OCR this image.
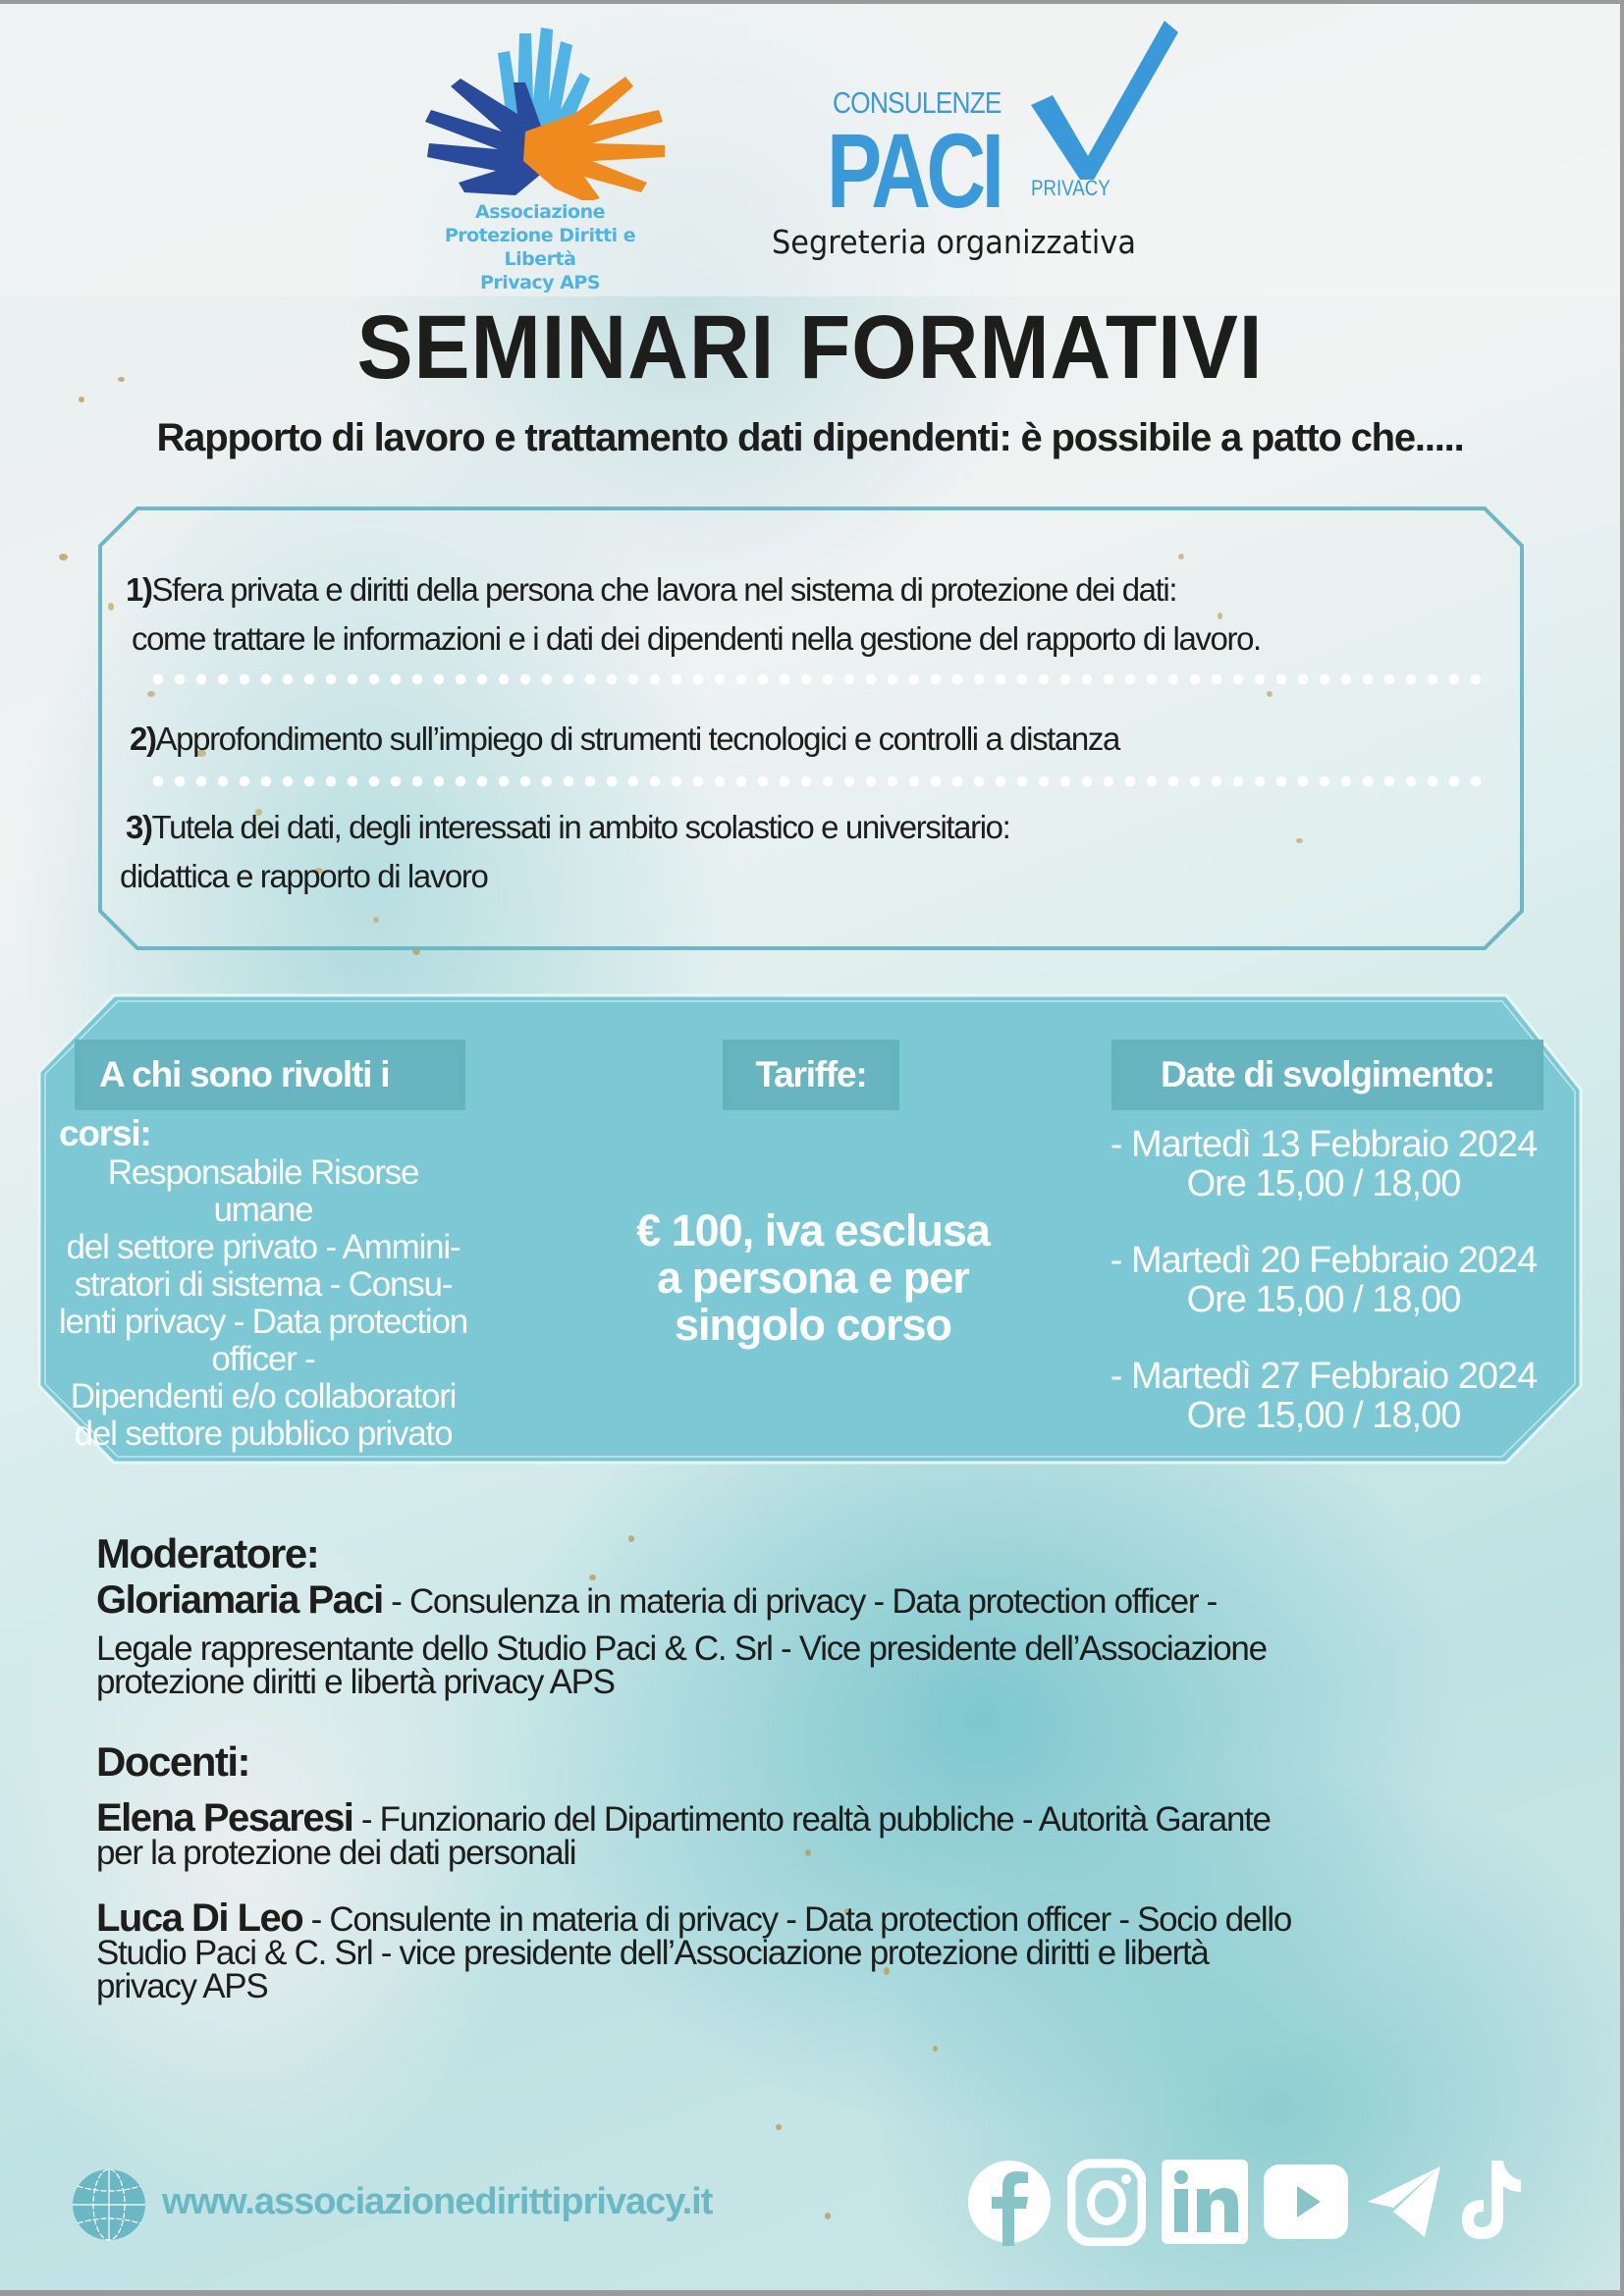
Associazione
Protezione Diritti e Libertà
Privacy APS
CONSULENZE
PACI PRIVACY
Segreteria organizzativa
SEMINARI FORMATIVI
Rapporto di lavoro e trattamento dati dipendenti: è possibile a patto che.....
1)Sfera privata e diritti della persona che lavora nel sistema di protezione dei dati:
come trattare le informazioni e i dati dei dipendenti nella gestione del rapporto di lavoro.
2)Approfondimento sull’impiego di strumenti tecnologici e controlli a distanza
3)Tutela dei dati, degli interessati in ambito scolastico e universitario:
didattica e rapporto di lavoro
A chi sono rivolti i
corsi:
Responsabile Risorse umane
del settore privato - Ammini-
stratori di sistema - Consu-
lenti privacy - Data protection
officer -
Dipendenti e/o collaboratori
del settore pubblico privato
Tariffe:
€ 100, iva esclusa
a persona e per
singolo corso
Date di svolgimento:
- Martedì 13 Febbraio 2024
Ore 15,00 / 18,00
- Martedì 20 Febbraio 2024
Ore 15,00 / 18,00
- Martedì 27 Febbraio 2024
Ore 15,00 / 18,00
Moderatore:
Gloriamaria Paci - Consulenza in materia di privacy - Data protection officer -
Legale rappresentante dello Studio Paci & C. Srl - Vice presidente dell’Associazione
protezione diritti e libertà privacy APS
Docenti:
Elena Pesaresi - Funzionario del Dipartimento realtà pubbliche - Autorità Garante
per la protezione dei dati personali
Luca Di Leo - Consulente in materia di privacy - Data protection officer - Socio dello
Studio Paci & C. Srl - vice presidente dell’Associazione protezione diritti e libertà
privacy APS
www.associazionedirittiprivacy.it
